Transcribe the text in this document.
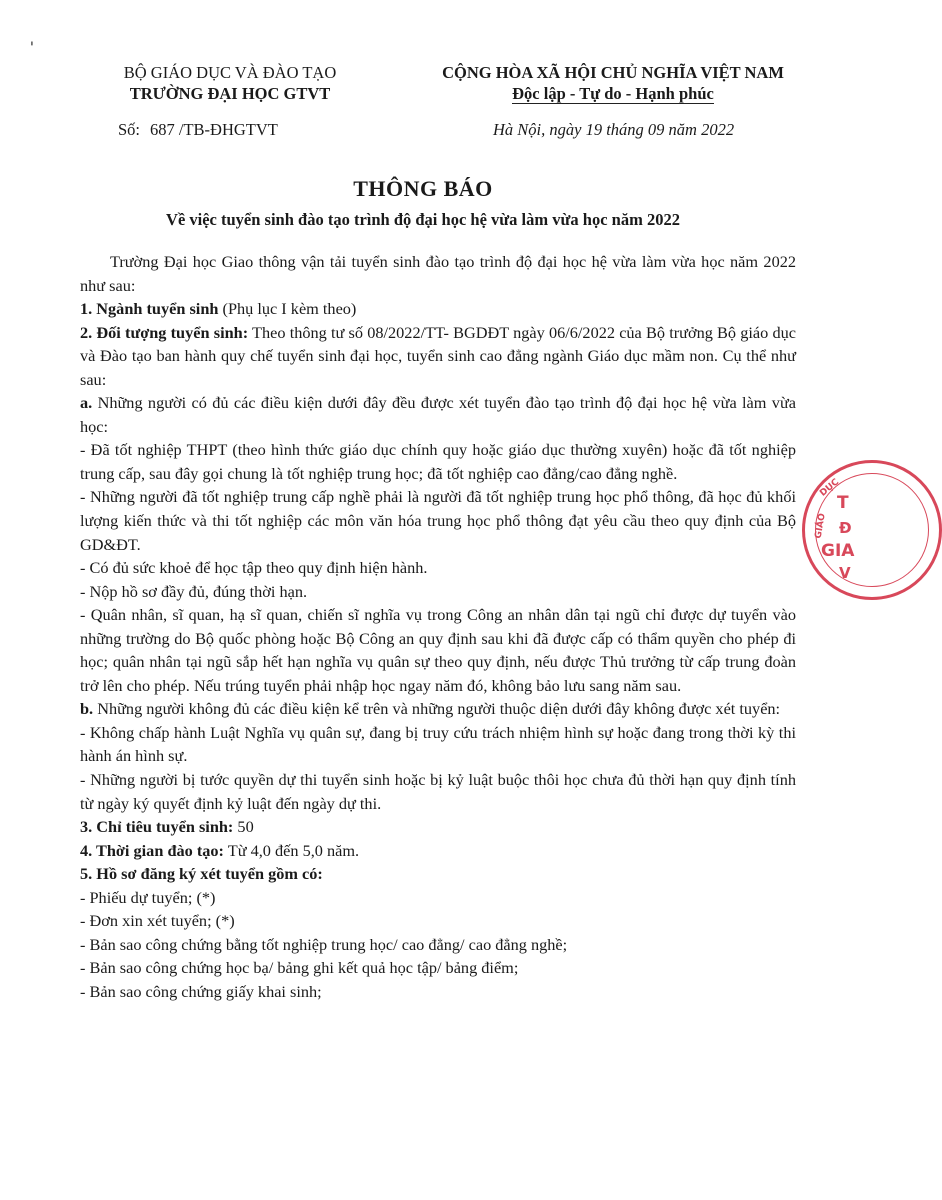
'
BỘ GIÁO DỤC VÀ ĐÀO TẠO
TRƯỜNG ĐẠI HỌC GTVT
CỘNG HÒA XÃ HỘI CHỦ NGHĨA VIỆT NAM
Độc lập - Tự do - Hạnh phúc
Số: 687 /TB-ĐHGTVT	Hà Nội, ngày 19 tháng 09 năm 2022
THÔNG BÁO
Về việc tuyển sinh đào tạo trình độ đại học hệ vừa làm vừa học năm 2022

Trường Đại học Giao thông vận tải tuyển sinh đào tạo trình độ đại học hệ vừa làm vừa học năm 2022 như sau:

1. Ngành tuyển sinh (Phụ lục I kèm theo)

2. Đối tượng tuyển sinh: Theo thông tư số 08/2022/TT- BGDĐT ngày 06/6/2022 của Bộ trưởng Bộ giáo dục và Đào tạo ban hành quy chế tuyển sinh đại học, tuyển sinh cao đẳng ngành Giáo dục mầm non. Cụ thể như sau:

a. Những người có đủ các điều kiện dưới đây đều được xét tuyển đào tạo trình độ đại học hệ vừa làm vừa học:

- Đã tốt nghiệp THPT (theo hình thức giáo dục chính quy hoặc giáo dục thường xuyên) hoặc đã tốt nghiệp trung cấp, sau đây gọi chung là tốt nghiệp trung học; đã tốt nghiệp cao đẳng/cao đẳng nghề.

- Những người đã tốt nghiệp trung cấp nghề phải là người đã tốt nghiệp trung học phổ thông, đã học đủ khối lượng kiến thức và thi tốt nghiệp các môn văn hóa trung học phổ thông đạt yêu cầu theo quy định của Bộ GD&ĐT.

- Có đủ sức khoẻ để học tập theo quy định hiện hành.

- Nộp hồ sơ đầy đủ, đúng thời hạn.

- Quân nhân, sĩ quan, hạ sĩ quan, chiến sĩ nghĩa vụ trong Công an nhân dân tại ngũ chỉ được dự tuyển vào những trường do Bộ quốc phòng hoặc Bộ Công an quy định sau khi đã được cấp có thẩm quyền cho phép đi học; quân nhân tại ngũ sắp hết hạn nghĩa vụ quân sự theo quy định, nếu được Thủ trưởng từ cấp trung đoàn trở lên cho phép. Nếu trúng tuyển phải nhập học ngay năm đó, không bảo lưu sang năm sau.

b. Những người không đủ các điều kiện kể trên và những người thuộc diện dưới đây không được xét tuyển:

- Không chấp hành Luật Nghĩa vụ quân sự, đang bị truy cứu trách nhiệm hình sự hoặc đang trong thời kỳ thi hành án hình sự.

- Những người bị tước quyền dự thi tuyển sinh hoặc bị kỷ luật buộc thôi học chưa đủ thời hạn quy định tính từ ngày ký quyết định kỷ luật đến ngày dự thi.

3. Chỉ tiêu tuyển sinh: 50

4. Thời gian đào tạo: Từ 4,0 đến 5,0 năm.

5. Hồ sơ đăng ký xét tuyển gồm có:

- Phiếu dự tuyển; (*)

- Đơn xin xét tuyển; (*)

- Bản sao công chứng bằng tốt nghiệp trung học/ cao đẳng/ cao đẳng nghề;

- Bản sao công chứng học bạ/ bảng ghi kết quả học tập/ bảng điểm;

- Bản sao công chứng giấy khai sinh;

GIÁO
DỤC
T
Đ
GIA
V
